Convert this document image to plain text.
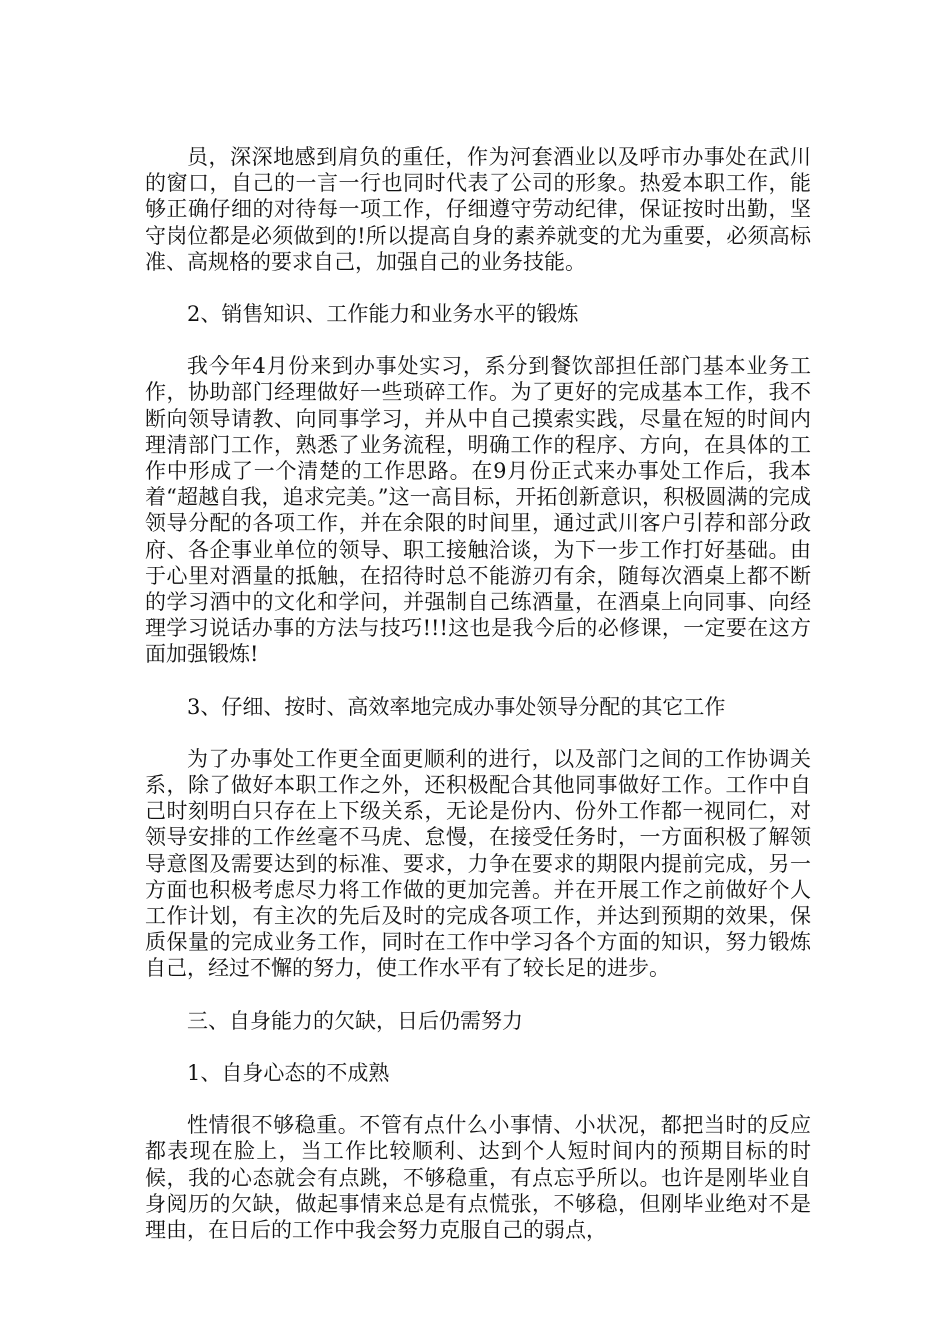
员，深深地感到肩负的重任，作为河套酒业以及呼市办事处在武川的窗口，自己的一言一行也同时代表了公司的形象。热爱本职工作，能够正确仔细的对待每一项工作，仔细遵守劳动纪律，保证按时出勤，坚守岗位都是必须做到的!所以提高自身的素养就变的尤为重要，必须高标准、高规格的要求自己，加强自己的业务技能。

2、销售知识、工作能力和业务水平的锻炼

我今年4月份来到办事处实习，系分到餐饮部担任部门基本业务工作，协助部门经理做好一些琐碎工作。为了更好的完成基本工作，我不断向领导请教、向同事学习，并从中自己摸索实践，尽量在短的时间内理清部门工作，熟悉了业务流程，明确工作的程序、方向，在具体的工作中形成了一个清楚的工作思路。在9月份正式来办事处工作后，我本着“超越自我，追求完美。”这一高目标，开拓创新意识，积极圆满的完成领导分配的各项工作，并在余限的时间里，通过武川客户引荐和部分政府、各企事业单位的领导、职工接触洽谈，为下一步工作打好基础。由于心里对酒量的抵触，在招待时总不能游刃有余，随每次酒桌上都不断的学习酒中的文化和学问，并强制自己练酒量，在酒桌上向同事、向经理学习说话办事的方法与技巧!!!这也是我今后的必修课，一定要在这方面加强锻炼!

3、仔细、按时、高效率地完成办事处领导分配的其它工作

为了办事处工作更全面更顺利的进行，以及部门之间的工作协调关系，除了做好本职工作之外，还积极配合其他同事做好工作。工作中自己时刻明白只存在上下级关系，无论是份内、份外工作都一视同仁，对领导安排的工作丝毫不马虎、怠慢，在接受任务时，一方面积极了解领导意图及需要达到的标准、要求，力争在要求的期限内提前完成，另一方面也积极考虑尽力将工作做的更加完善。并在开展工作之前做好个人工作计划，有主次的先后及时的完成各项工作，并达到预期的效果，保质保量的完成业务工作，同时在工作中学习各个方面的知识，努力锻炼自己，经过不懈的努力，使工作水平有了较长足的进步。

三、自身能力的欠缺，日后仍需努力

1、自身心态的不成熟

性情很不够稳重。不管有点什么小事情、小状况，都把当时的反应都表现在脸上，当工作比较顺利、达到个人短时间内的预期目标的时候，我的心态就会有点跳，不够稳重，有点忘乎所以。也许是刚毕业自身阅历的欠缺，做起事情来总是有点慌张，不够稳，但刚毕业绝对不是理由，在日后的工作中我会努力克服自己的弱点，
